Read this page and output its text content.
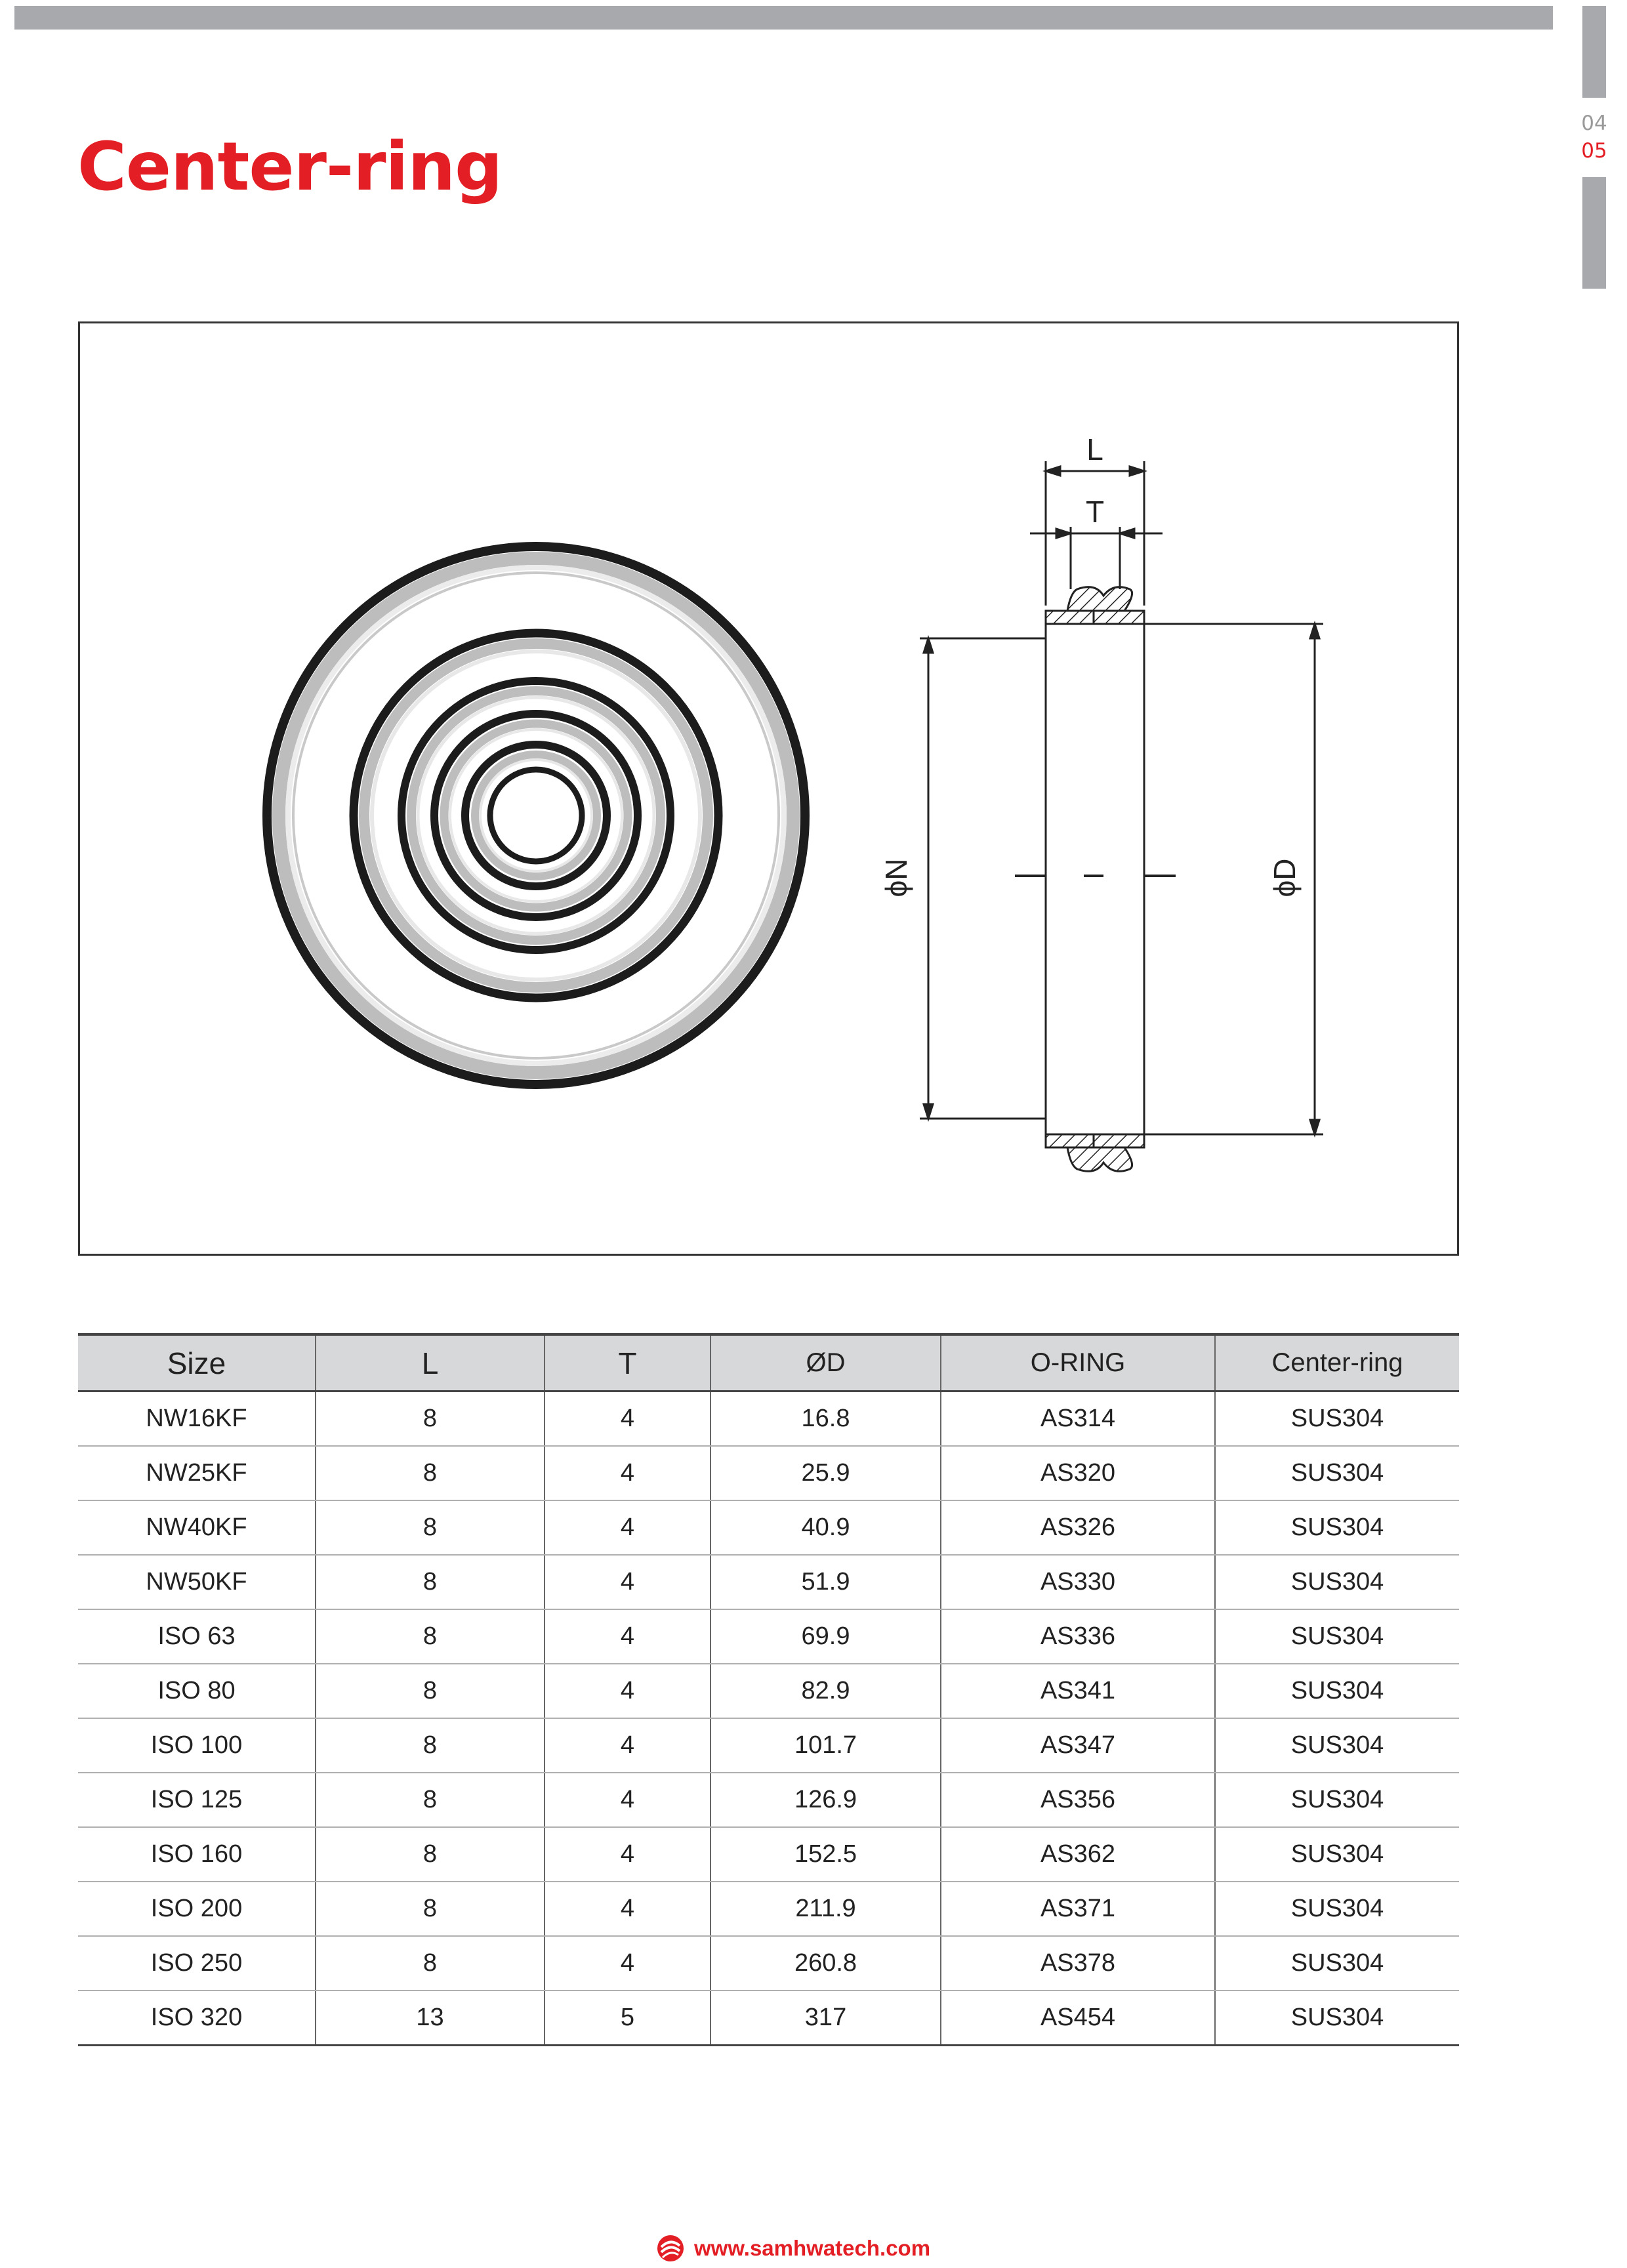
04
05
Center-ring
L
T
ϕN	ϕD
Size	L	T	ØD	O-RING	Center-ring
NW16KF	8	4	16.8	AS314	SUS304
NW25KF	8	4	25.9	AS320	SUS304
NW40KF	8	4	40.9	AS326	SUS304
NW50KF	8	4	51.9	AS330	SUS304
ISO 63	8	4	69.9	AS336	SUS304
ISO 80	8	4	82.9	AS341	SUS304
ISO 100	8	4	101.7	AS347	SUS304
ISO 125	8	4	126.9	AS356	SUS304
ISO 160	8	4	152.5	AS362	SUS304
ISO 200	8	4	211.9	AS371	SUS304
ISO 250	8	4	260.8	AS378	SUS304
ISO 320	13	5	317	AS454	SUS304
www.samhwatech.com
